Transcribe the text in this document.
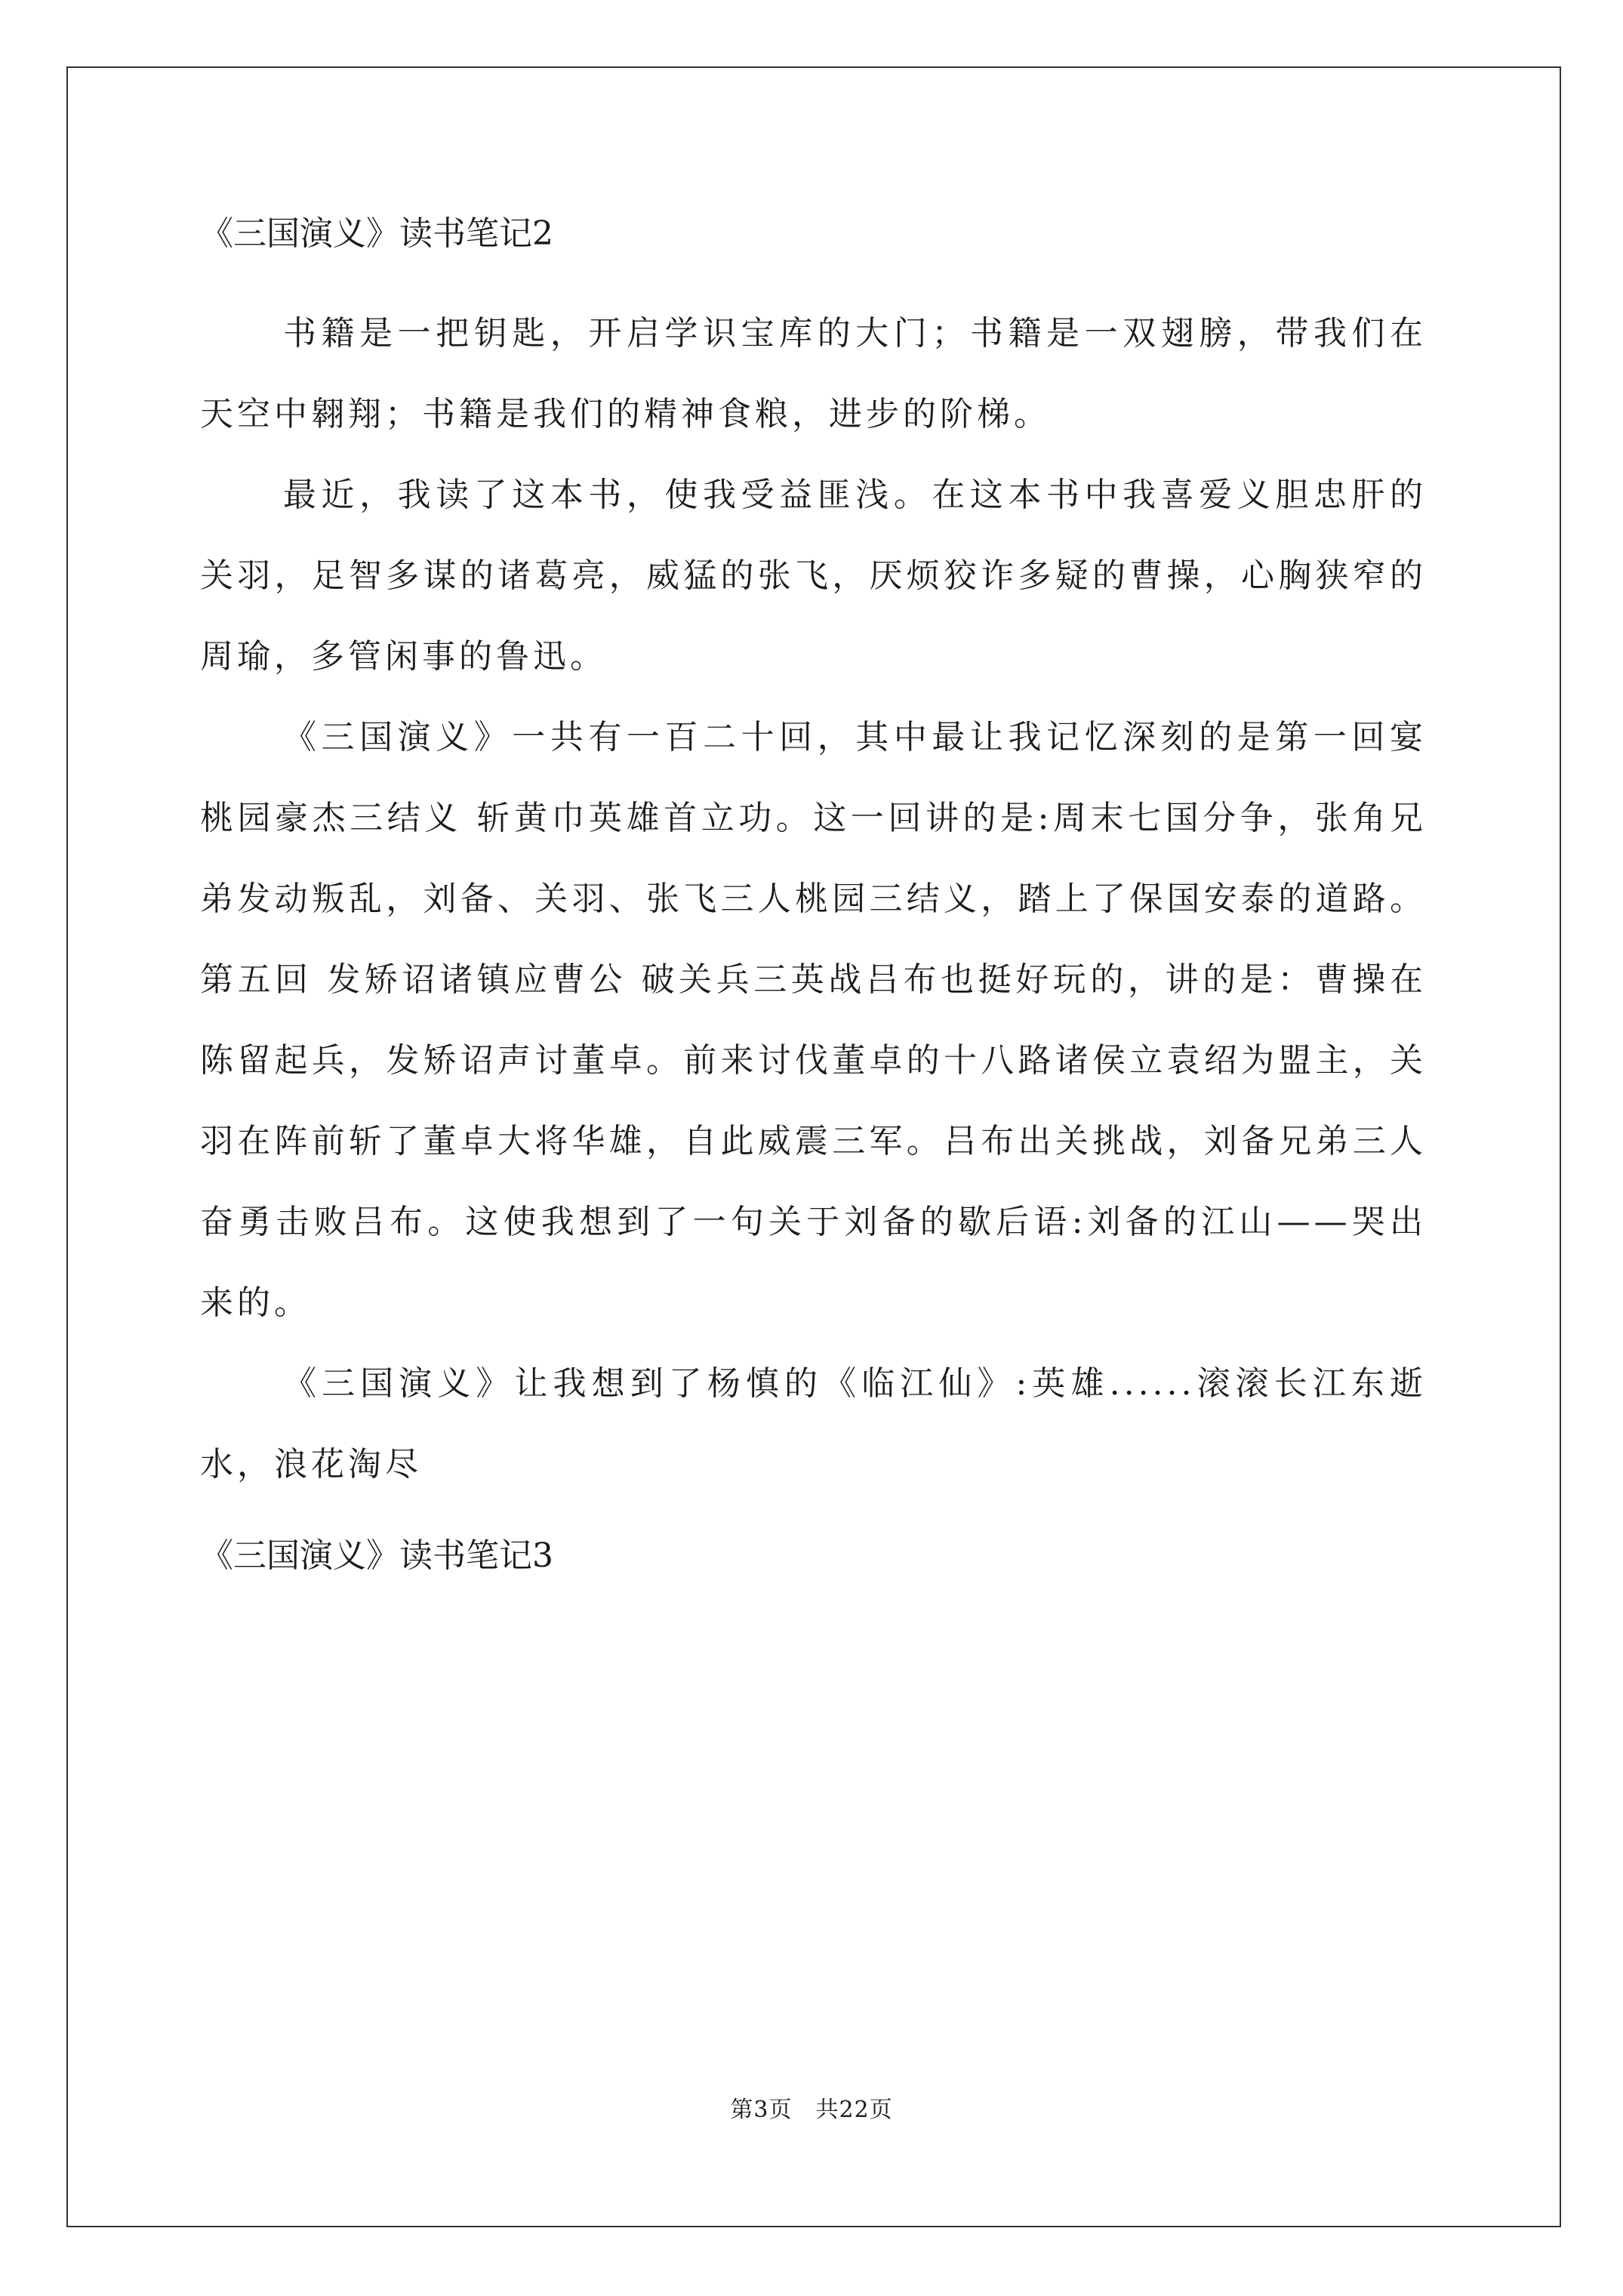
《三国演义》读书笔记2

书籍是一把钥匙，开启学识宝库的大门；书籍是一双翅膀，带我们在天空中翱翔；书籍是我们的精神食粮，进步的阶梯。

最近，我读了这本书，使我受益匪浅。在这本书中我喜爱义胆忠肝的关羽，足智多谋的诸葛亮，威猛的张飞，厌烦狡诈多疑的曹操，心胸狭窄的周瑜，多管闲事的鲁迅。

《三国演义》一共有一百二十回，其中最让我记忆深刻的是第一回宴桃园豪杰三结义 斩黄巾英雄首立功。这一回讲的是:周末七国分争，张角兄弟发动叛乱，刘备、关羽、张飞三人桃园三结义，踏上了保国安泰的道路。第五回 发矫诏诸镇应曹公 破关兵三英战吕布也挺好玩的，讲的是：曹操在陈留起兵，发矫诏声讨董卓。前来讨伐董卓的十八路诸侯立袁绍为盟主，关羽在阵前斩了董卓大将华雄，自此威震三军。吕布出关挑战，刘备兄弟三人奋勇击败吕布。这使我想到了一句关于刘备的歇后语:刘备的江山——哭出来的。

《三国演义》让我想到了杨慎的《临江仙》:英雄......滚滚长江东逝水，浪花淘尽

《三国演义》读书笔记3
第3页　共22页
